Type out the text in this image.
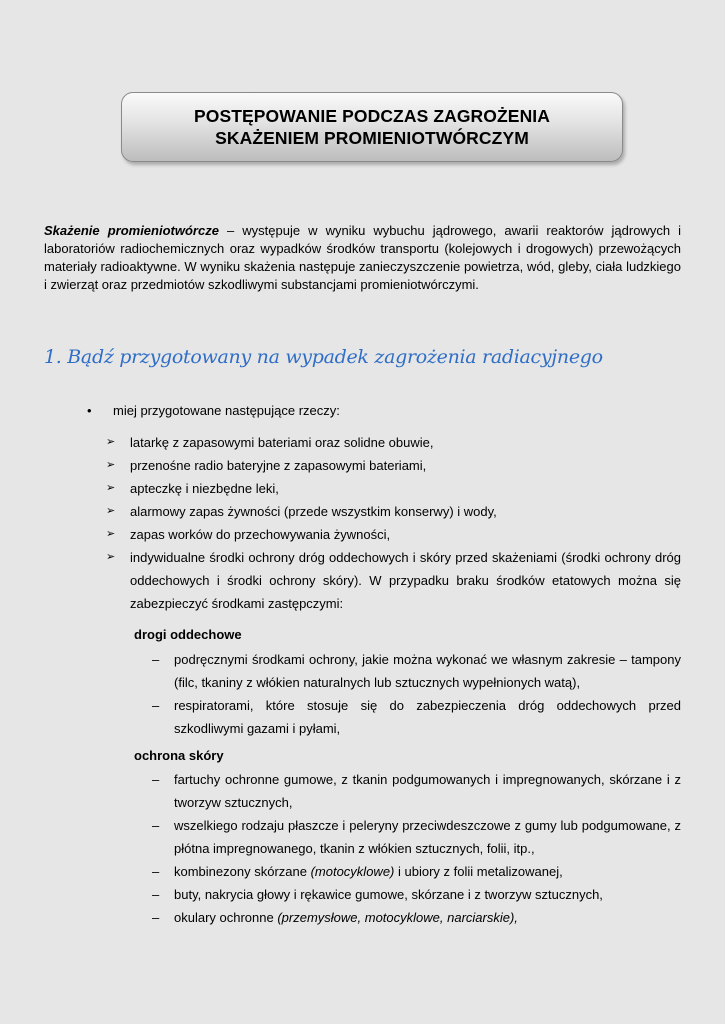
POSTĘPOWANIE PODCZAS ZAGROŻENIA
SKAŻENIEM PROMIENIOTWÓRCZYM
Skażenie promieniotwórcze – występuje w wyniku wybuchu jądrowego, awarii reaktorów jądrowych i laboratoriów radiochemicznych oraz wypadków środków transportu (kolejowych i drogowych) przewożących materiały radioaktywne. W wyniku skażenia następuje zanieczyszczenie powietrza, wód, gleby, ciała ludzkiego i zwierząt oraz przedmiotów szkodliwymi substancjami promieniotwórczymi.
1. Bądź przygotowany na wypadek zagrożenia radiacyjnego
• miej przygotowane następujące rzeczy:
➢ latarkę z zapasowymi bateriami oraz solidne obuwie,
➢ przenośne radio bateryjne z zapasowymi bateriami,
➢ apteczkę i niezbędne leki,
➢ alarmowy zapas żywności (przede wszystkim konserwy) i wody,
➢ zapas worków do przechowywania żywności,
➢ indywidualne środki ochrony dróg oddechowych i skóry przed skażeniami (środki ochrony dróg oddechowych i środki ochrony skóry). W przypadku braku środków etatowych można się zabezpieczyć środkami zastępczymi:
drogi oddechowe
– podręcznymi środkami ochrony, jakie można wykonać we własnym zakresie – tampony (filc, tkaniny z włókien naturalnych lub sztucznych wypełnionych watą),
– respiratorami, które stosuje się do zabezpieczenia dróg oddechowych przed szkodliwymi gazami i pyłami,
ochrona skóry
– fartuchy ochronne gumowe, z tkanin podgumowanych i impregnowanych, skórzane i z tworzyw sztucznych,
– wszelkiego rodzaju płaszcze i peleryny przeciwdeszczowe z gumy lub podgumowane, z płótna impregnowanego, tkanin z włókien sztucznych, folii, itp.,
– kombinezony skórzane (motocyklowe) i ubiory z folii metalizowanej,
– buty, nakrycia głowy i rękawice gumowe, skórzane i z tworzyw sztucznych,
– okulary ochronne (przemysłowe, motocyklowe, narciarskie),
